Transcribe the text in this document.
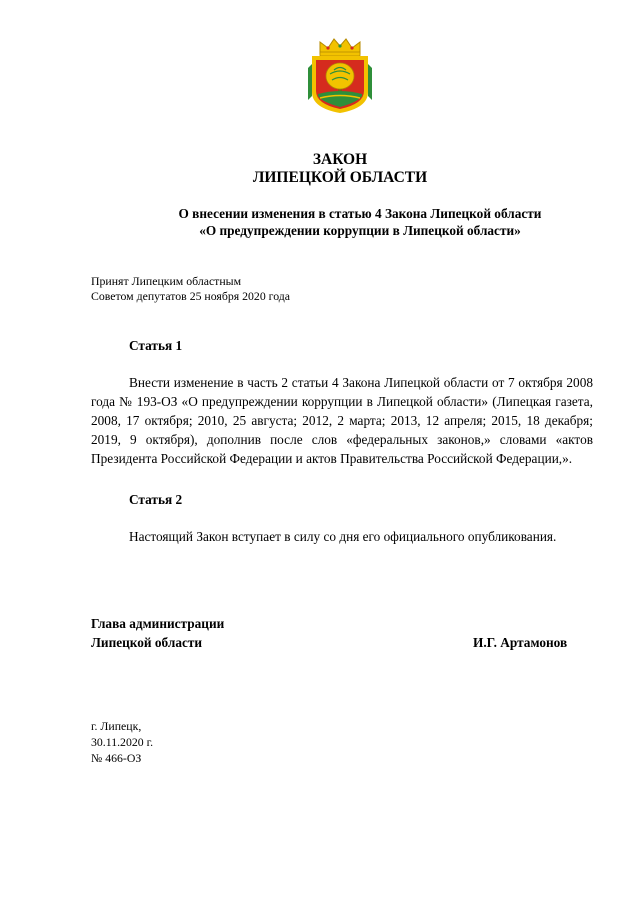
ЗАКОН
ЛИПЕЦКОЙ ОБЛАСТИ
О внесении изменения в статью 4 Закона Липецкой области
«О предупреждении коррупции в Липецкой области»
Принят Липецким областным
Советом депутатов 25 ноября 2020 года
Статья 1
Внести изменение в часть 2 статьи 4 Закона Липецкой области от 7 октября 2008 года № 193-ОЗ «О предупреждении коррупции в Липецкой области» (Липецкая газета, 2008, 17 октября; 2010, 25 августа; 2012, 2 марта; 2013, 12 апреля; 2015, 18 декабря; 2019, 9 октября), дополнив после слов «федеральных законов,» словами «актов Президента Российской Федерации и актов Правительства Российской Федерации,».
Статья 2
Настоящий Закон вступает в силу со дня его официального опубликования.
Глава администрации
Липецкой области	И.Г. Артамонов
г. Липецк,
30.11.2020 г.
№ 466-ОЗ
